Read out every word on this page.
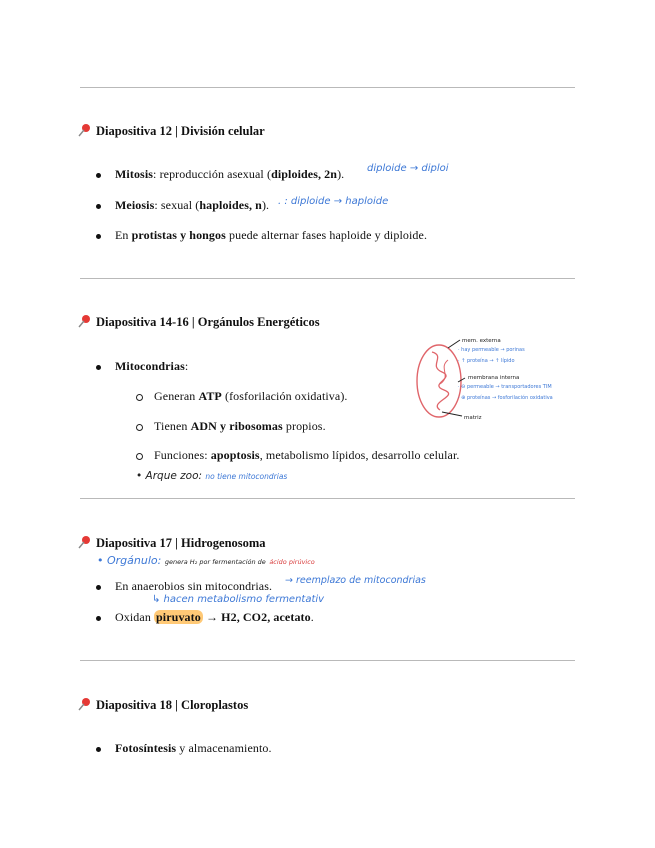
Diapositiva 12 | División celular
Mitosis: reproducción asexual (diploides, 2n). diploide → diploi
Meiosis: sexual (haploides, n). . : diploide → haploide
En protistas y hongos puede alternar fases haploide y diploide.
Diapositiva 14-16 | Orgánulos Energéticos
Mitocondrias:
Generan ATP (fosforilación oxidativa).
Tienen ADN y ribosomas propios.
Funciones: apoptosis, metabolismo lípidos, desarrollo celular.
• Arque zoo: no tiene mitocondrias
mem. externa
· hay permeable → porinas
· ↑ proteína → ↑ lípido
membrana interna
· ⊖ permeable → transportadores TIM
· ⊕ proteínas → fosforilación oxidativa
matriz
Diapositiva 17 | Hidrogenosoma
• Orgánulo: genera H₂ por fermentación de ácido pirúvico
En anaerobios sin mitocondrias. → reemplazo de mitocondrias
↳ hacen metabolismo fermentativ
Oxidan piruvato → H2, CO2, acetato.
Diapositiva 18 | Cloroplastos
Fotosíntesis y almacenamiento.
